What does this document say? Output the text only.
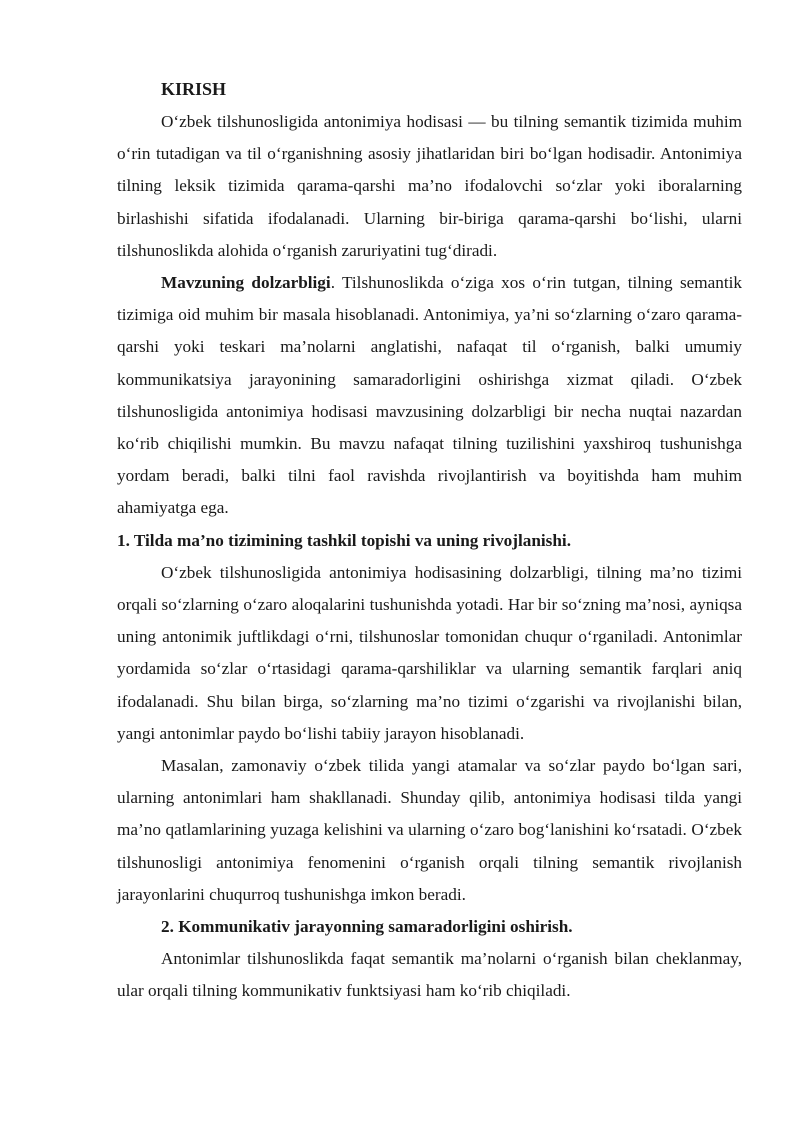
KIRISH

O‘zbek tilshunosligida antonimiya hodisasi — bu tilning semantik tizimida muhim o‘rin tutadigan va til o‘rganishning asosiy jihatlaridan biri bo‘lgan hodisadir. Antonimiya tilning leksik tizimida qarama-qarshi ma’no ifodalovchi so‘zlar yoki iboralarning birlashishi sifatida ifodalanadi. Ularning bir-biriga qarama-qarshi bo‘lishi, ularni tilshunoslikda alohida o‘rganish zaruriyatini tug‘diradi.

Mavzuning dolzarbligi. Tilshunoslikda o‘ziga xos o‘rin tutgan, tilning semantik tizimiga oid muhim bir masala hisoblanadi. Antonimiya, ya’ni so‘zlarning o‘zaro qarama-qarshi yoki teskari ma’nolarni anglatishi, nafaqat til o‘rganish, balki umumiy kommunikatsiya jarayonining samaradorligini oshirishga xizmat qiladi. O‘zbek tilshunosligida antonimiya hodisasi mavzusining dolzarbligi bir necha nuqtai nazardan ko‘rib chiqilishi mumkin. Bu mavzu nafaqat tilning tuzilishini yaxshiroq tushunishga yordam beradi, balki tilni faol ravishda rivojlantirish va boyitishda ham muhim ahamiyatga ega.

1. Tilda ma’no tizimining tashkil topishi va uning rivojlanishi.

O‘zbek tilshunosligida antonimiya hodisasining dolzarbligi, tilning ma’no tizimi orqali so‘zlarning o‘zaro aloqalarini tushunishda yotadi. Har bir so‘zning ma’nosi, ayniqsa uning antonimik juftlikdagi o‘rni, tilshunoslar tomonidan chuqur o‘rganiladi. Antonimlar yordamida so‘zlar o‘rtasidagi qarama-qarshiliklar va ularning semantik farqlari aniq ifodalanadi. Shu bilan birga, so‘zlarning ma’no tizimi o‘zgarishi va rivojlanishi bilan, yangi antonimlar paydo bo‘lishi tabiiy jarayon hisoblanadi.

Masalan, zamonaviy o‘zbek tilida yangi atamalar va so‘zlar paydo bo‘lgan sari, ularning antonimlari ham shakllanadi. Shunday qilib, antonimiya hodisasi tilda yangi ma’no qatlamlarining yuzaga kelishini va ularning o‘zaro bog‘lanishini ko‘rsatadi. O‘zbek tilshunosligi antonimiya fenomenini o‘rganish orqali tilning semantik rivojlanish jarayonlarini chuqurroq tushunishga imkon beradi.

2. Kommunikativ jarayonning samaradorligini oshirish.

Antonimlar tilshunoslikda faqat semantik ma’nolarni o‘rganish bilan cheklanmay, ular orqali tilning kommunikativ funktsiyasi ham ko‘rib chiqiladi.
